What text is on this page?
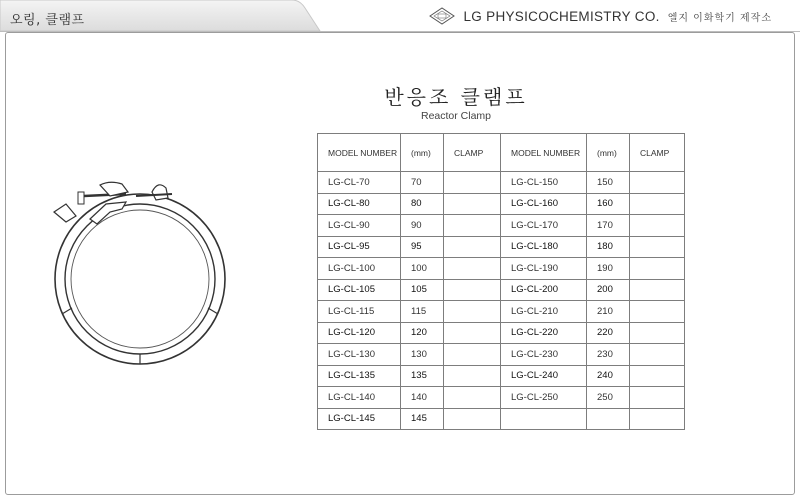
오링, 클램프	LG PHYSICOCHEMISTRY CO. 엘지 이화학기 제작소
반응조 클램프
Reactor Clamp
MODEL NUMBER	(mm)	CLAMP	MODEL NUMBER	(mm)	CLAMP
LG-CL-70	70		LG-CL-150	150	
LG-CL-80	80		LG-CL-160	160	
LG-CL-90	90		LG-CL-170	170	
LG-CL-95	95		LG-CL-180	180	
LG-CL-100	100		LG-CL-190	190	
LG-CL-105	105		LG-CL-200	200	
LG-CL-115	115		LG-CL-210	210	
LG-CL-120	120		LG-CL-220	220	
LG-CL-130	130		LG-CL-230	230	
LG-CL-135	135		LG-CL-240	240	
LG-CL-140	140		LG-CL-250	250	
LG-CL-145	145				
